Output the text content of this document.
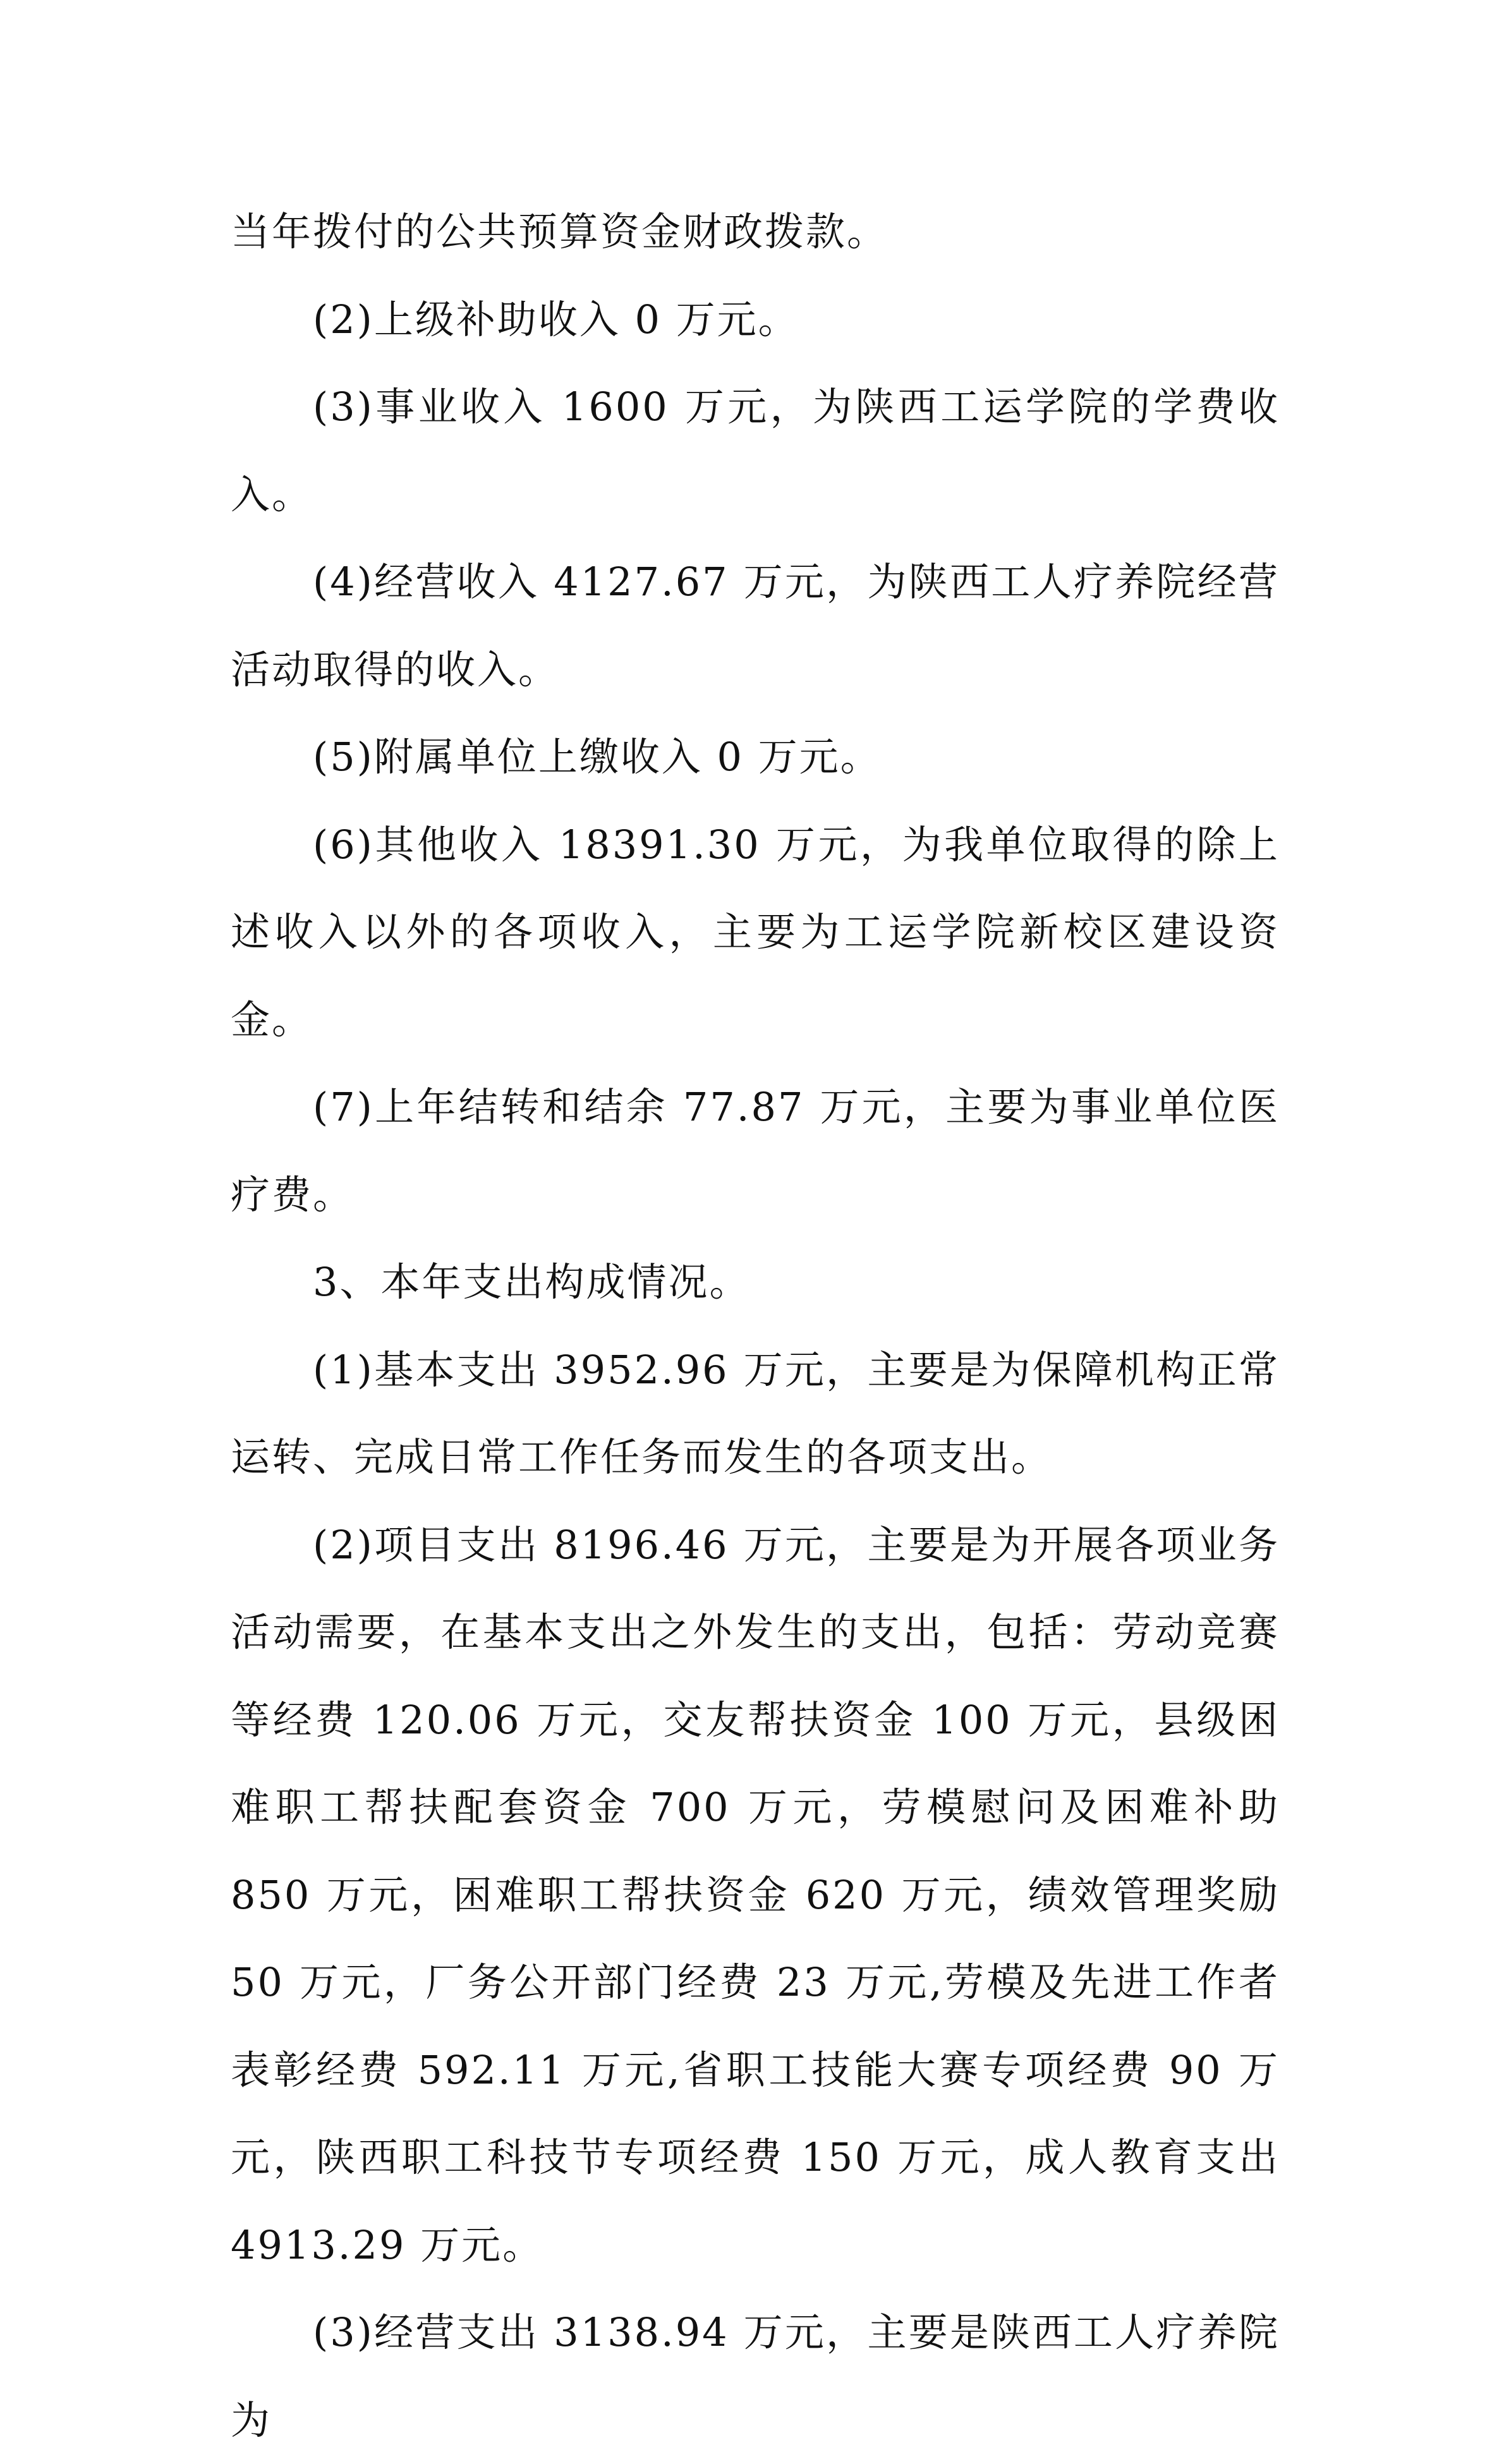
当年拨付的公共预算资金财政拨款。

(2)上级补助收入 0 万元。

(3)事业收入 1600 万元，为陕西工运学院的学费收入。

(4)经营收入 4127.67 万元，为陕西工人疗养院经营活动取得的收入。

(5)附属单位上缴收入 0 万元。

(6)其他收入 18391.30 万元，为我单位取得的除上述收入以外的各项收入，主要为工运学院新校区建设资金。

(7)上年结转和结余 77.87 万元，主要为事业单位医疗费。

3、本年支出构成情况。

(1)基本支出 3952.96 万元，主要是为保障机构正常运转、完成日常工作任务而发生的各项支出。

(2)项目支出 8196.46 万元，主要是为开展各项业务活动需要，在基本支出之外发生的支出，包括：劳动竞赛等经费 120.06 万元，交友帮扶资金 100 万元，县级困难职工帮扶配套资金 700 万元，劳模慰问及困难补助 850 万元，困难职工帮扶资金 620 万元，绩效管理奖励 50 万元，厂务公开部门经费 23 万元,劳模及先进工作者表彰经费 592.11 万元,省职工技能大赛专项经费 90 万元，陕西职工科技节专项经费 150 万元，成人教育支出 4913.29 万元。

(3)经营支出 3138.94 万元，主要是陕西工人疗养院为
